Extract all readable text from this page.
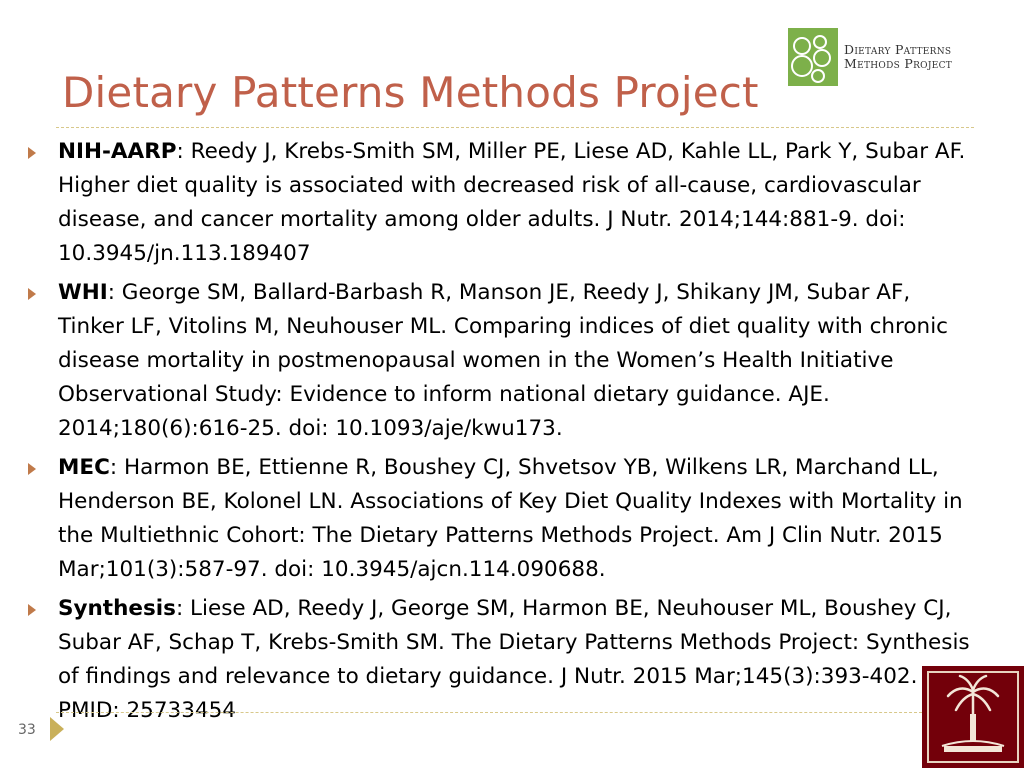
Dietary Patterns
Methods Project
Dietary Patterns Methods Project
NIH-AARP: Reedy J, Krebs-Smith SM, Miller PE, Liese AD, Kahle LL, Park Y, Subar AF. Higher diet quality is associated with decreased risk of all-cause, cardiovascular disease, and cancer mortality among older adults. J Nutr. 2014;144:881-9. doi: 10.3945/jn.113.189407
WHI: George SM, Ballard-Barbash R, Manson JE, Reedy J, Shikany JM, Subar AF, Tinker LF, Vitolins M, Neuhouser ML. Comparing indices of diet quality with chronic disease mortality in postmenopausal women in the Women’s Health Initiative Observational Study: Evidence to inform national dietary guidance. AJE. 2014;180(6):616-25. doi: 10.1093/aje/kwu173.
MEC: Harmon BE, Ettienne R, Boushey CJ, Shvetsov YB, Wilkens LR, Marchand LL, Henderson BE, Kolonel LN. Associations of Key Diet Quality Indexes with Mortality in the Multiethnic Cohort: The Dietary Patterns Methods Project. Am J Clin Nutr. 2015 Mar;101(3):587-97. doi: 10.3945/ajcn.114.090688.
Synthesis: Liese AD, Reedy J, George SM, Harmon BE, Neuhouser ML, Boushey CJ, Subar AF, Schap T, Krebs-Smith SM. The Dietary Patterns Methods Project: Synthesis of findings and relevance to dietary guidance. J Nutr. 2015 Mar;145(3):393-402. PMID: 25733454
33
